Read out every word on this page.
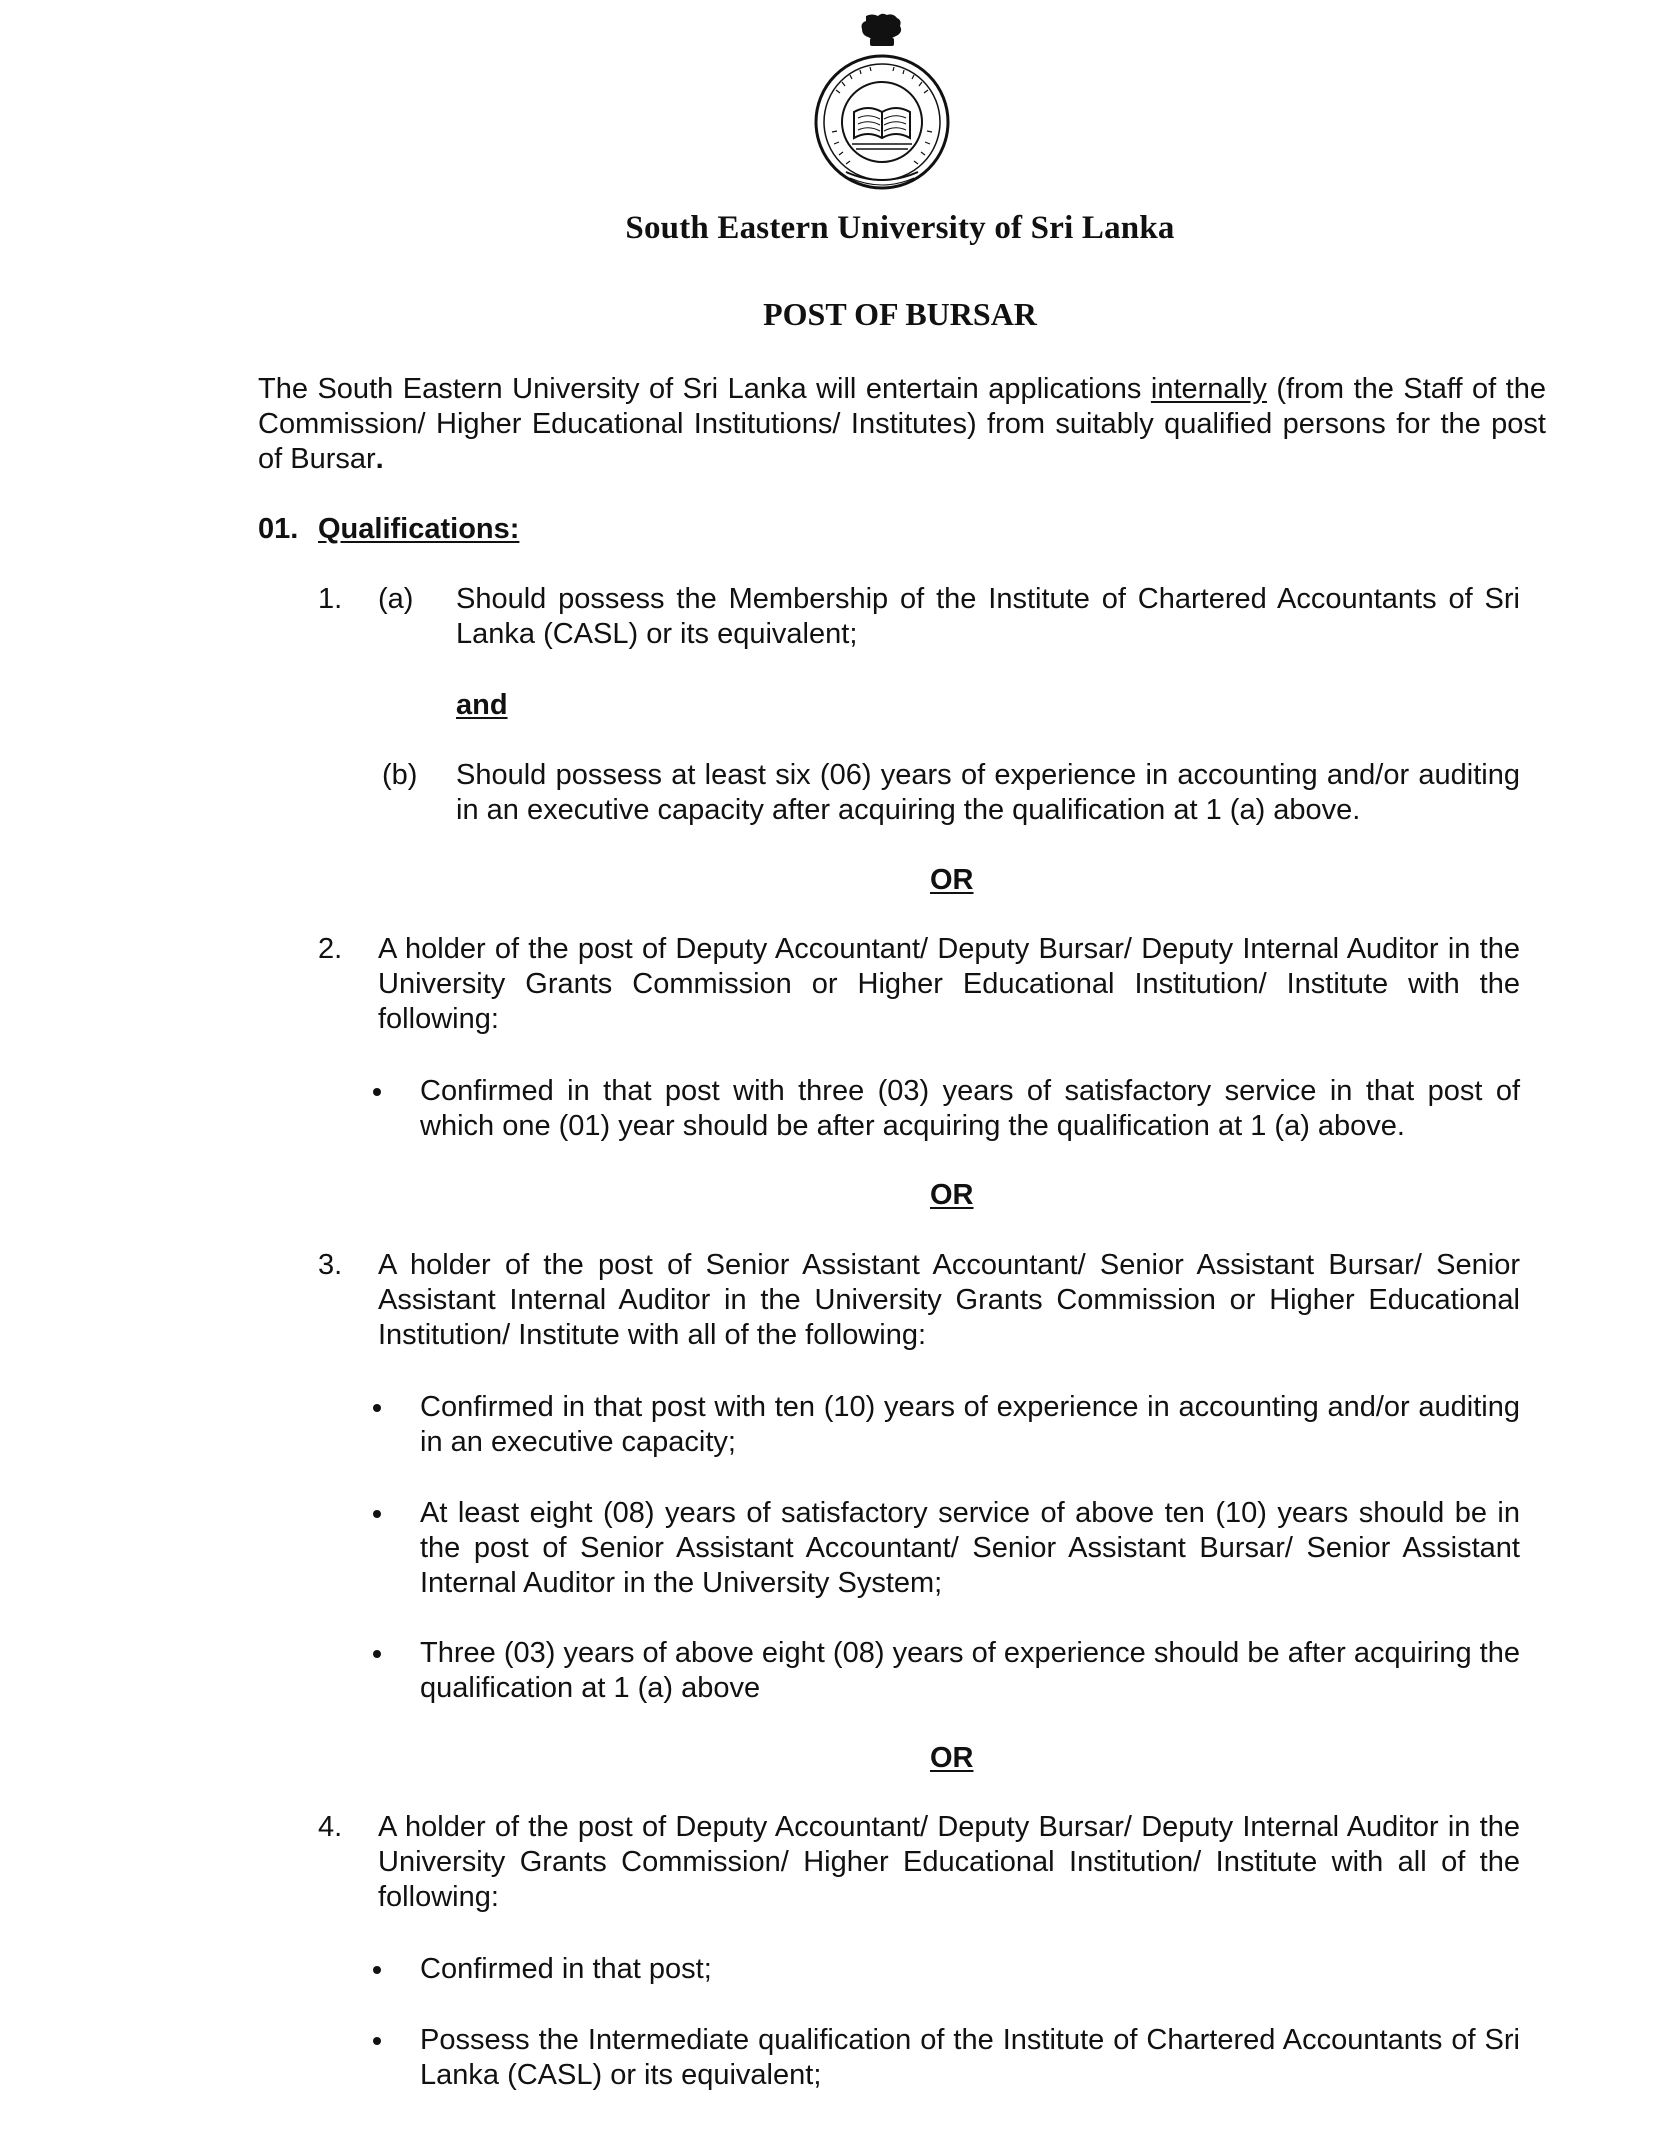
South Eastern University of Sri Lanka
POST OF BURSAR
The South Eastern University of Sri Lanka will entertain applications internally (from the Staff of the Commission/ Higher Educational Institutions/ Institutes) from suitably qualified persons for the post of Bursar.
01. Qualifications:
1. (a) Should possess the Membership of the Institute of Chartered Accountants of Sri Lanka (CASL) or its equivalent;
and
(b) Should possess at least six (06) years of experience in accounting and/or auditing in an executive capacity after acquiring the qualification at 1 (a) above.
OR
2. A holder of the post of Deputy Accountant/ Deputy Bursar/ Deputy Internal Auditor in the University Grants Commission or Higher Educational Institution/ Institute with the following:
Confirmed in that post with three (03) years of satisfactory service in that post of which one (01) year should be after acquiring the qualification at 1 (a) above.
OR
3. A holder of the post of Senior Assistant Accountant/ Senior Assistant Bursar/ Senior Assistant Internal Auditor in the University Grants Commission or Higher Educational Institution/ Institute with all of the following:
Confirmed in that post with ten (10) years of experience in accounting and/or auditing in an executive capacity;
At least eight (08) years of satisfactory service of above ten (10) years should be in the post of Senior Assistant Accountant/ Senior Assistant Bursar/ Senior Assistant Internal Auditor in the University System;
Three (03) years of above eight (08) years of experience should be after acquiring the qualification at 1 (a) above
OR
4. A holder of the post of Deputy Accountant/ Deputy Bursar/ Deputy Internal Auditor in the University Grants Commission/ Higher Educational Institution/ Institute with all of the following:
Confirmed in that post;
Possess the Intermediate qualification of the Institute of Chartered Accountants of Sri Lanka (CASL) or its equivalent;
